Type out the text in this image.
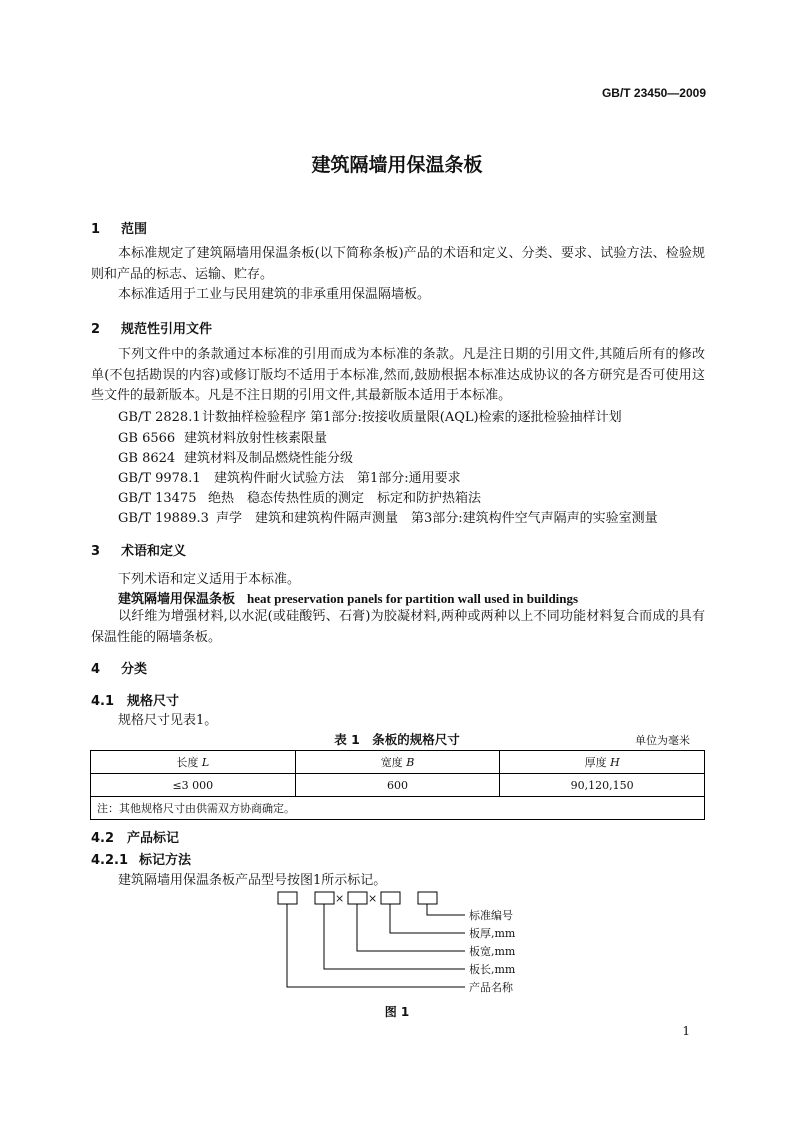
GB/T 23450—2009
建筑隔墙用保温条板
1 范围
本标准规定了建筑隔墙用保温条板(以下简称条板)产品的术语和定义、分类、要求、试验方法、检验规则和产品的标志、运输、贮存。
本标准适用于工业与民用建筑的非承重用保温隔墙板。
2 规范性引用文件
下列文件中的条款通过本标准的引用而成为本标准的条款。凡是注日期的引用文件,其随后所有的修改单(不包括勘误的内容)或修订版均不适用于本标准,然而,鼓励根据本标准达成协议的各方研究是否可使用这些文件的最新版本。凡是不注日期的引用文件,其最新版本适用于本标准。
GB/T 2828.1计数抽样检验程序 第1部分:按接收质量限(AQL)检索的逐批检验抽样计划
GB 6566 建筑材料放射性核素限量
GB 8624 建筑材料及制品燃烧性能分级
GB/T 9978.1 建筑构件耐火试验方法　第1部分:通用要求
GB/T 13475 绝热　稳态传热性质的测定　标定和防护热箱法
GB/T 19889.3 声学　建筑和建筑构件隔声测量　第3部分:建筑构件空气声隔声的实验室测量
3 术语和定义
下列术语和定义适用于本标准。
建筑隔墙用保温条板 heat preservation panels for partition wall used in buildings
以纤维为增强材料,以水泥(或硅酸钙、石膏)为胶凝材料,两种或两种以上不同功能材料复合而成的具有保温性能的隔墙条板。
4 分类
4.1 规格尺寸
规格尺寸见表1。
表 1　条板的规格尺寸	单位为毫米
长度 L	宽度 B	厚度 H
≤3 000	600	90,120,150
注：其他规格尺寸由供需双方协商确定。		
4.2 产品标记
4.2.1 标记方法
建筑隔墙用保温条板产品型号按图1所示标记。
× ×
标准编号
板厚,mm
板宽,mm
板长,mm
产品名称
图 1
1
